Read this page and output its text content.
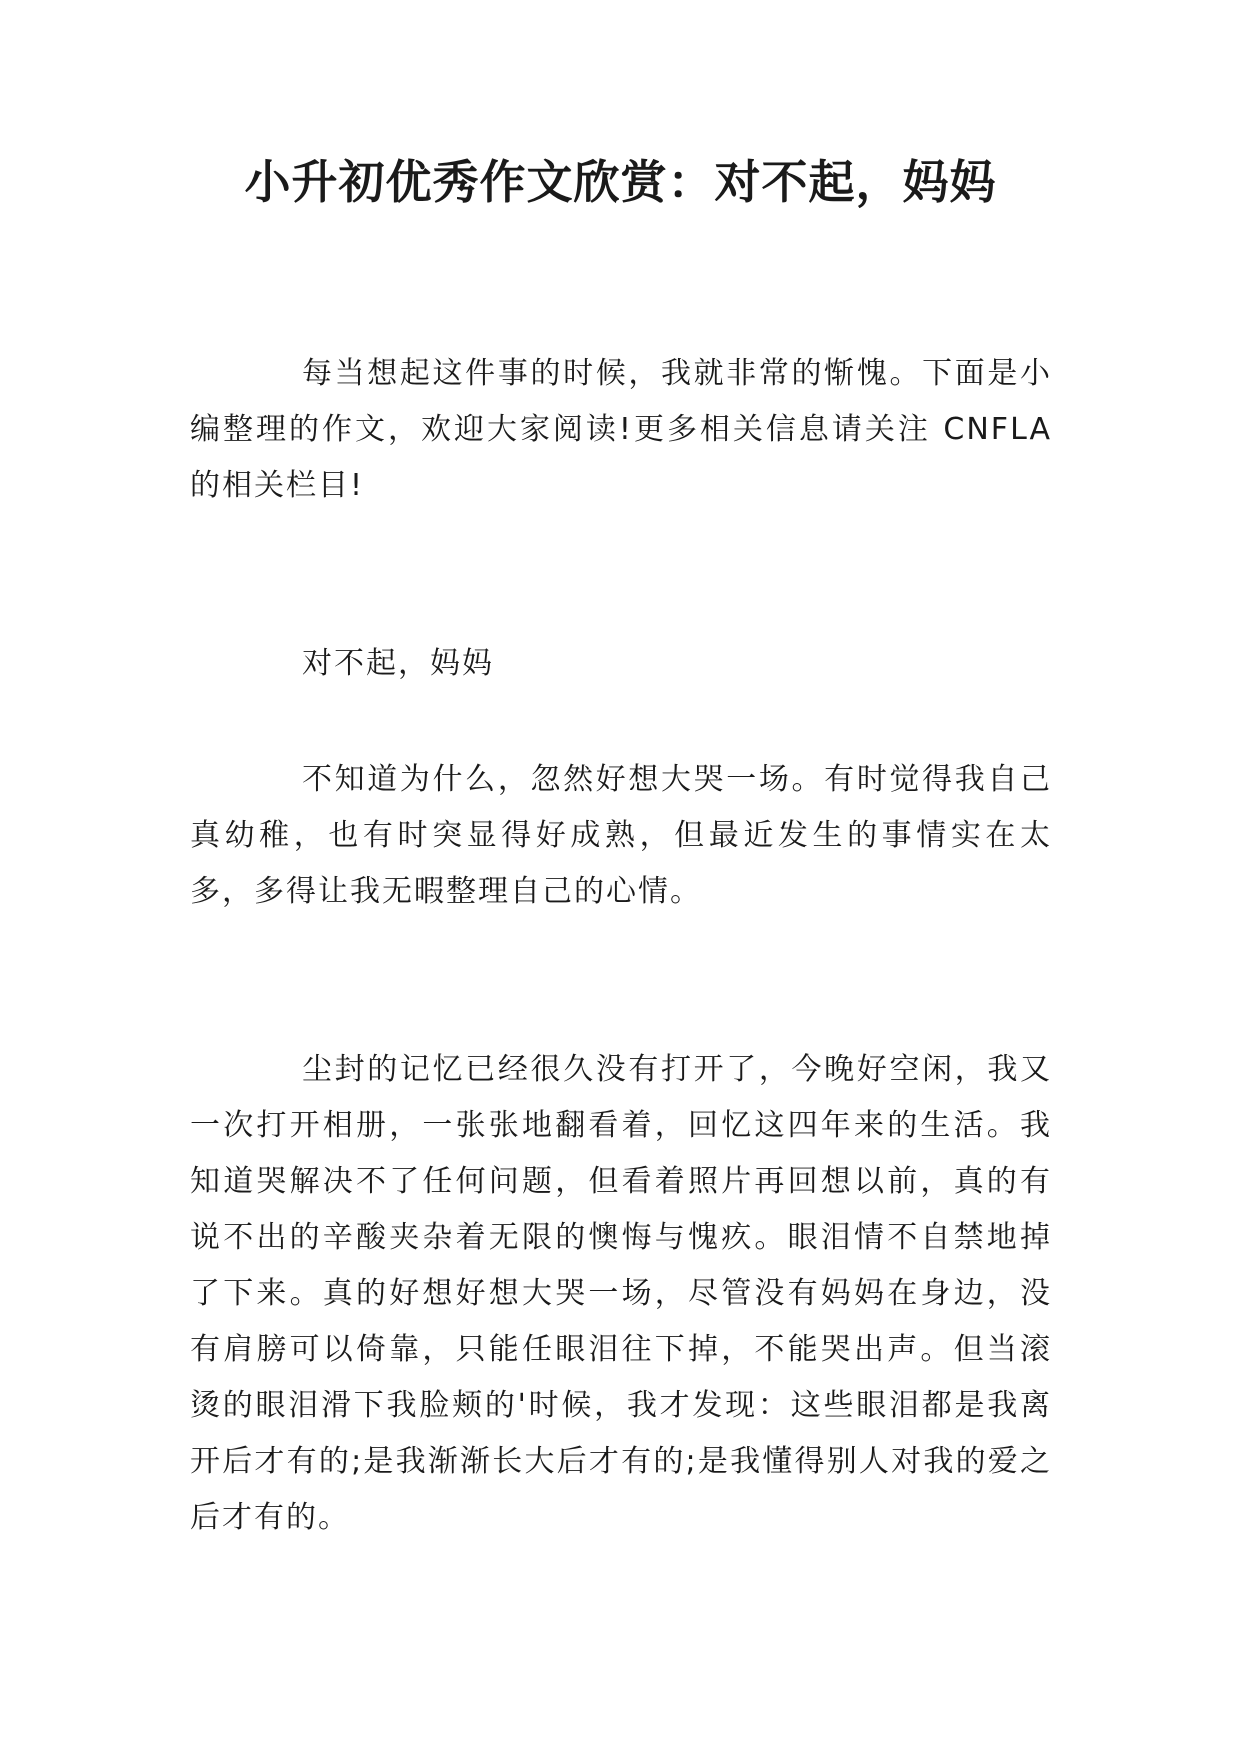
小升初优秀作文欣赏：对不起，妈妈

每当想起这件事的时候，我就非常的惭愧。下面是小编整理的作文，欢迎大家阅读!更多相关信息请关注 CNFLA 的相关栏目!

对不起，妈妈

不知道为什么，忽然好想大哭一场。有时觉得我自己真幼稚，也有时突显得好成熟，但最近发生的事情实在太多，多得让我无暇整理自己的心情。

尘封的记忆已经很久没有打开了，今晚好空闲，我又一次打开相册，一张张地翻看着，回忆这四年来的生活。我知道哭解决不了任何问题，但看着照片再回想以前，真的有说不出的辛酸夹杂着无限的懊悔与愧疚。眼泪情不自禁地掉了下来。真的好想好想大哭一场，尽管没有妈妈在身边，没有肩膀可以倚靠，只能任眼泪往下掉，不能哭出声。但当滚烫的眼泪滑下我脸颊的'时候，我才发现：这些眼泪都是我离开后才有的;是我渐渐长大后才有的;是我懂得别人对我的爱之后才有的。
